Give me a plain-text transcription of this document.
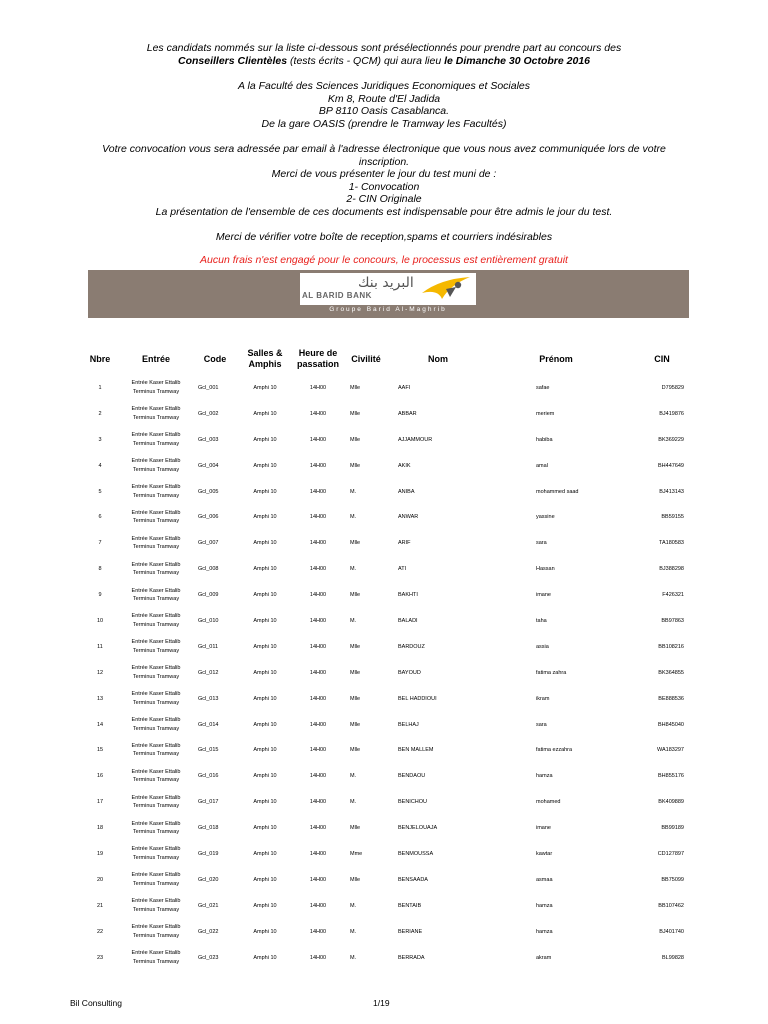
Les candidats nommés sur la liste ci-dessous sont présélectionnés pour prendre part au concours des

Conseillers Clientèles (tests écrits - QCM) qui aura lieu le Dimanche 30 Octobre 2016

A la Faculté des Sciences Juridiques Economiques et Sociales

Km 8, Route d'El Jadida

BP 8110 Oasis Casablanca.

De la gare OASIS (prendre le Tramway les Facultés)

Votre convocation vous sera adressée par email à l'adresse électronique que vous nous avez communiquée lors de votre

inscription.

Merci de vous présenter le jour du test muni de :

1- Convocation

2- CIN Originale

La présentation de l'ensemble de ces documents est indispensable pour être admis le jour du test.

Merci de vérifier votre boîte de reception,spams et courriers indésirables

Aucun frais n'est engagé pour le concours, le processus est entièrement gratuit

البريد بنك
AL BARID BANK
Groupe Barid Al-Maghrib
Nbre	Entrée	Code	Salles & Amphis	Heure de passation	Civilité	Nom	Prénom	CIN
1	Entrée Kaser Ettalib Terminus Tramway	Gcl_001	Amphi 10	14H00	Mlle	AAFI	safae	D795829
2	Entrée Kaser Ettalib Terminus Tramway	Gcl_002	Amphi 10	14H00	Mlle	ABBAR	meriem	BJ419876
3	Entrée Kaser Ettalib Terminus Tramway	Gcl_003	Amphi 10	14H00	Mlle	AJJAMMOUR	habiba	BK369229
4	Entrée Kaser Ettalib Terminus Tramway	Gcl_004	Amphi 10	14H00	Mlle	AKIK	amal	BH447649
5	Entrée Kaser Ettalib Terminus Tramway	Gcl_005	Amphi 10	14H00	M.	ANIBA	mohammed saad	BJ413143
6	Entrée Kaser Ettalib Terminus Tramway	Gcl_006	Amphi 10	14H00	M.	ANWAR	yassine	BB59155
7	Entrée Kaser Ettalib Terminus Tramway	Gcl_007	Amphi 10	14H00	Mlle	ARIF	sara	TA180583
8	Entrée Kaser Ettalib Terminus Tramway	Gcl_008	Amphi 10	14H00	M.	ATI	Hassan	BJ388298
9	Entrée Kaser Ettalib Terminus Tramway	Gcl_009	Amphi 10	14H00	Mlle	BAKHTI	imane	F426321
10	Entrée Kaser Ettalib Terminus Tramway	Gcl_010	Amphi 10	14H00	M.	BALADI	taha	BB97863
11	Entrée Kaser Ettalib Terminus Tramway	Gcl_011	Amphi 10	14H00	Mlle	BARDOUZ	assia	BB108216
12	Entrée Kaser Ettalib Terminus Tramway	Gcl_012	Amphi 10	14H00	Mlle	BAYOUD	fatima zahra	BK364855
13	Entrée Kaser Ettalib Terminus Tramway	Gcl_013	Amphi 10	14H00	Mlle	BEL HADDIOUI	ikram	BE888536
14	Entrée Kaser Ettalib Terminus Tramway	Gcl_014	Amphi 10	14H00	Mlle	BELHAJ	sara	BH845040
15	Entrée Kaser Ettalib Terminus Tramway	Gcl_015	Amphi 10	14H00	Mlle	BEN MALLEM	fatima ezzahra	WA183297
16	Entrée Kaser Ettalib Terminus Tramway	Gcl_016	Amphi 10	14H00	M.	BENDAOU	hamza	BH855176
17	Entrée Kaser Ettalib Terminus Tramway	Gcl_017	Amphi 10	14H00	M.	BENICHOU	mohamed	BK409889
18	Entrée Kaser Ettalib Terminus Tramway	Gcl_018	Amphi 10	14H00	Mlle	BENJELOUAJA	imane	BB99189
19	Entrée Kaser Ettalib Terminus Tramway	Gcl_019	Amphi 10	14H00	Mme	BENMOUSSA	kawtar	CD127897
20	Entrée Kaser Ettalib Terminus Tramway	Gcl_020	Amphi 10	14H00	Mlle	BENSAADA	asmaa	BB75099
21	Entrée Kaser Ettalib Terminus Tramway	Gcl_021	Amphi 10	14H00	M.	BENTAIB	hamza	BB107462
22	Entrée Kaser Ettalib Terminus Tramway	Gcl_022	Amphi 10	14H00	M.	BERIANE	hamza	BJ401740
23	Entrée Kaser Ettalib Terminus Tramway	Gcl_023	Amphi 10	14H00	M.	BERRADA	akram	BL99828
Bil Consulting	1/19
